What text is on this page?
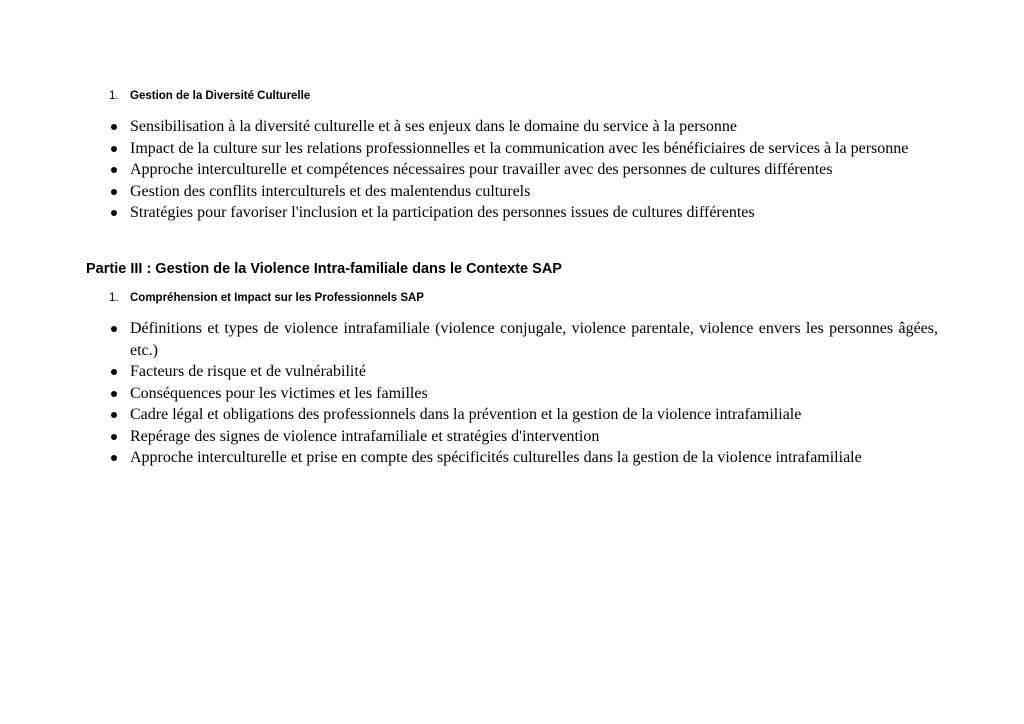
1. Gestion de la Diversité Culturelle
Sensibilisation à la diversité culturelle et à ses enjeux dans le domaine du service à la personne
Impact de la culture sur les relations professionnelles et la communication avec les bénéficiaires de services à la personne
Approche interculturelle et compétences nécessaires pour travailler avec des personnes de cultures différentes
Gestion des conflits interculturels et des malentendus culturels
Stratégies pour favoriser l'inclusion et la participation des personnes issues de cultures différentes
Partie III : Gestion de la Violence Intra-familiale dans le Contexte SAP
1. Compréhension et Impact sur les Professionnels SAP
Définitions et types de violence intrafamiliale (violence conjugale, violence parentale, violence envers les personnes âgées, etc.)
Facteurs de risque et de vulnérabilité
Conséquences pour les victimes et les familles
Cadre légal et obligations des professionnels dans la prévention et la gestion de la violence intrafamiliale
Repérage des signes de violence intrafamiliale et stratégies d'intervention
Approche interculturelle et prise en compte des spécificités culturelles dans la gestion de la violence intrafamiliale
